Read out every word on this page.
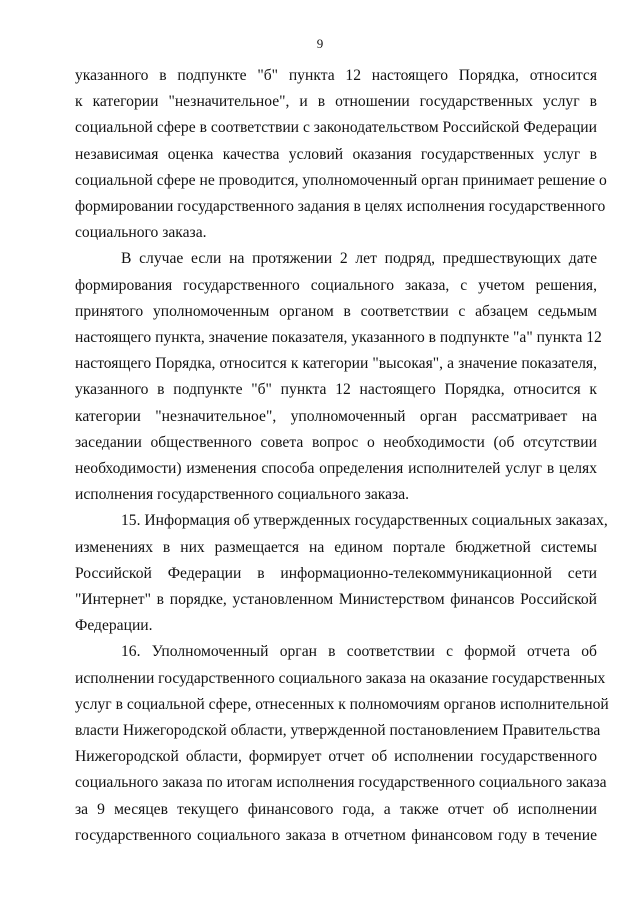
9
указанного в подпункте "б" пункта 12 настоящего Порядка, относится
к категории "незначительное", и в отношении государственных услуг в
социальной сфере в соответствии с законодательством Российской Федерации
независимая оценка качества условий оказания государственных услуг в
социальной сфере не проводится, уполномоченный орган принимает решение о
формировании государственного задания в целях исполнения государственного
социального заказа.
В случае если на протяжении 2 лет подряд, предшествующих дате
формирования государственного социального заказа, с учетом решения,
принятого уполномоченным органом в соответствии с абзацем седьмым
настоящего пункта, значение показателя, указанного в подпункте "а" пункта 12
настоящего Порядка, относится к категории "высокая", а значение показателя,
указанного в подпункте "б" пункта 12 настоящего Порядка, относится к
категории "незначительное", уполномоченный орган рассматривает на
заседании общественного совета вопрос о необходимости (об отсутствии
необходимости) изменения способа определения исполнителей услуг в целях
исполнения государственного социального заказа.
15. Информация об утвержденных государственных социальных заказах,
изменениях в них размещается на едином портале бюджетной системы
Российской Федерации в информационно-телекоммуникационной сети
"Интернет" в порядке, установленном Министерством финансов Российской
Федерации.
16. Уполномоченный орган в соответствии с формой отчета об
исполнении государственного социального заказа на оказание государственных
услуг в социальной сфере, отнесенных к полномочиям органов исполнительной
власти Нижегородской области, утвержденной постановлением Правительства
Нижегородской области, формирует отчет об исполнении государственного
социального заказа по итогам исполнения государственного социального заказа
за 9 месяцев текущего финансового года, а также отчет об исполнении
государственного социального заказа в отчетном финансовом году в течение
